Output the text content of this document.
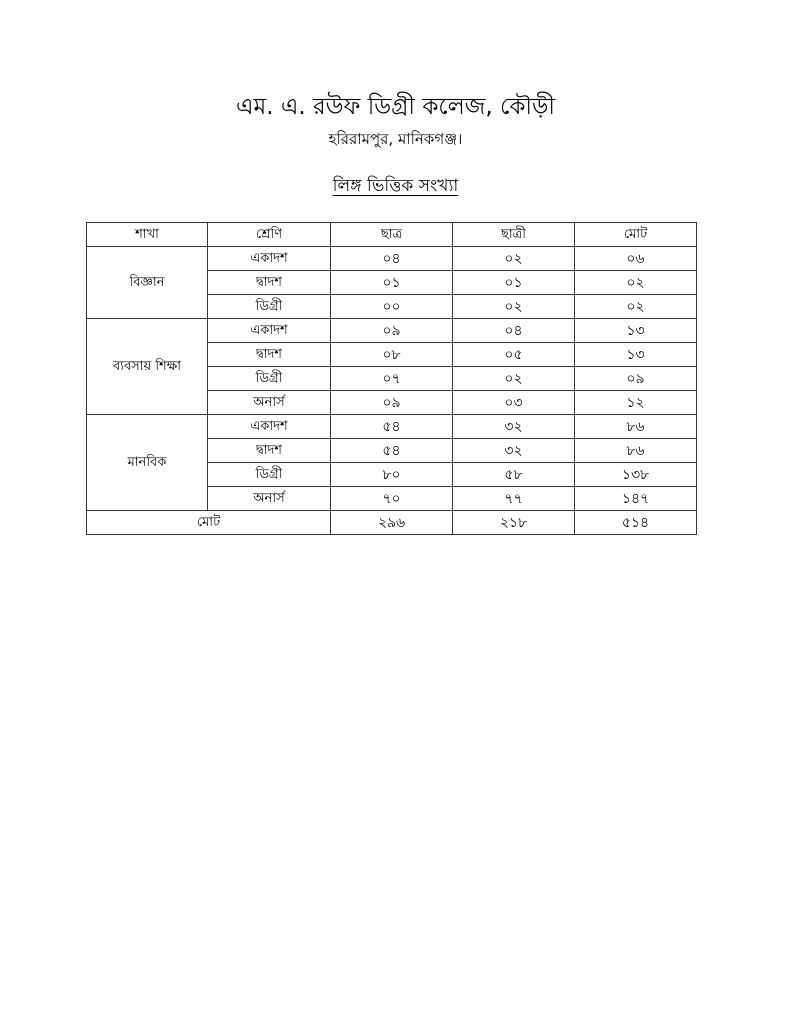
এম. এ. রউফ ডিগ্রী কলেজ, কৌড়ী
হরিরামপুর, মানিকগঞ্জ।
লিঙ্গ ভিত্তিক সংখ্যা
শাখা	শ্রেণি	ছাত্র	ছাত্রী	মোট
বিজ্ঞান	একাদশ	০৪	০২	০৬
	দ্বাদশ	০১	০১	০২
	ডিগ্রী	০০	০২	০২
ব্যবসায় শিক্ষা	একাদশ	০৯	০৪	১৩
	দ্বাদশ	০৮	০৫	১৩
	ডিগ্রী	০৭	০২	০৯
	অনার্স	০৯	০৩	১২
মানবিক	একাদশ	৫৪	৩২	৮৬
	দ্বাদশ	৫৪	৩২	৮৬
	ডিগ্রী	৮০	৫৮	১৩৮
	অনার্স	৭০	৭৭	১৪৭
মোট		২৯৬	২১৮	৫১৪
